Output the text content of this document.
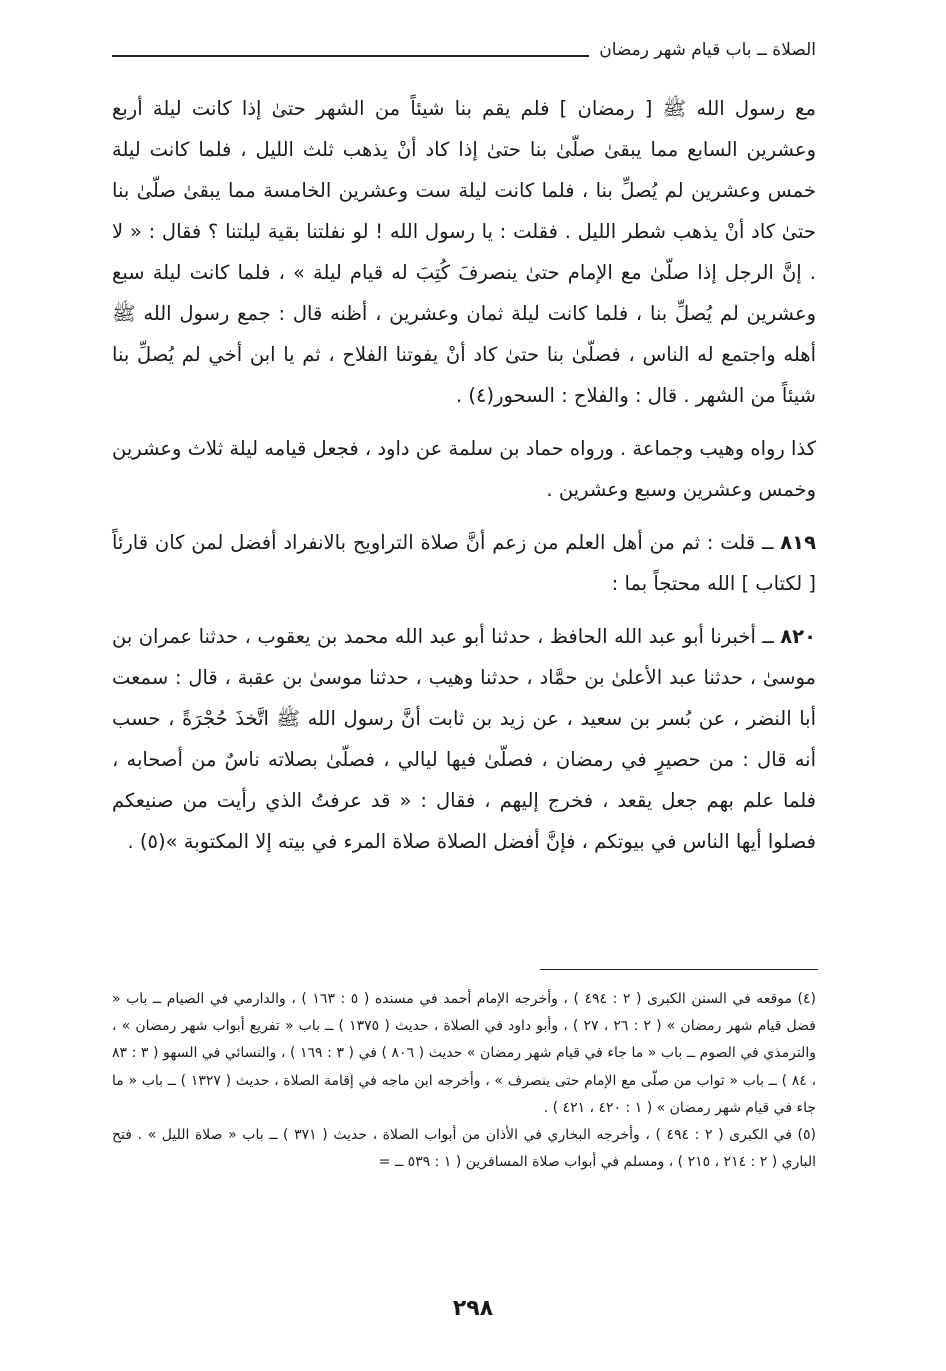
الصلاة ــ باب قيام شهر رمضان

مع رسول الله ﷺ [ رمضان ] فلم يقم بنا شيئاً من الشهر حتىٰ إذا كانت ليلة أربع وعشرين السابع مما يبقىٰ صلّىٰ بنا حتىٰ إذا كاد أنْ يذهب ثلث الليل ، فلما كانت ليلة خمس وعشرين لم يُصلِّ بنا ، فلما كانت ليلة ست وعشرين الخامسة مما يبقىٰ صلّىٰ بنا حتىٰ كاد أنْ يذهب شطر الليل . فقلت : يا رسول الله ! لو نفلتنا بقية ليلتنا ؟ فقال : « لا . إنَّ الرجل إذا صلّىٰ مع الإمام حتىٰ ينصرفَ كُتِبَ له قيام ليلة » ، فلما كانت ليلة سبع وعشرين لم يُصلِّ بنا ، فلما كانت ليلة ثمان وعشرين ، أظنه قال : جمع رسول الله ﷺ أهله واجتمع له الناس ، فصلّىٰ بنا حتىٰ كاد أنْ يفوتنا الفلاح ، ثم يا ابن أخي لم يُصلِّ بنا شيئاً من الشهر . قال : والفلاح : السحور(٤) .

كذا رواه وهيب وجماعة . ورواه حماد بن سلمة عن داود ، فجعل قيامه ليلة ثلاث وعشرين وخمس وعشرين وسبع وعشرين .

٨١٩ ــ قلت : ثم من أهل العلم من زعم أنَّ صلاة التراويح بالانفراد أفضل لمن كان قارئاً [ لكتاب ] الله محتجاً بما :

٨٢٠ ــ أخبرنا أبو عبد الله الحافظ ، حدثنا أبو عبد الله محمد بن يعقوب ، حدثنا عمران بن موسىٰ ، حدثنا عبد الأعلىٰ بن حمَّاد ، حدثنا وهيب ، حدثنا موسىٰ بن عقبة ، قال : سمعت أبا النضر ، عن بُسر بن سعيد ، عن زيد بن ثابت أنَّ رسول الله ﷺ اتَّخذَ حُجْرَةً ، حسب أنه قال : من حصيرٍ في رمضان ، فصلّىٰ فيها ليالي ، فصلّىٰ بصلاته ناسٌ من أصحابه ، فلما علم بهم جعل يقعد ، فخرج إليهم ، فقال : « قد عرفتُ الذي رأيت من صنيعكم فصلوا أيها الناس في بيوتكم ، فإنَّ أفضل الصلاة صلاة المرء في بيته إلا المكتوبة »(٥) .

(٤) موقعه في السنن الكبرى ( ٢ : ٤٩٤ ) ، وأخرجه الإمام أحمد في مسنده ( ٥ : ١٦٣ ) ، والدارمي في الصيام ــ باب « فضل قيام شهر رمضان » ( ٢ : ٢٦ ، ٢٧ ) ، وأبو داود في الصلاة ، حديث ( ١٣٧٥ ) ــ باب « تفريع أبواب شهر رمضان » ، والترمذي في الصوم ــ باب « ما جاء في قيام شهر رمضان » حديث ( ٨٠٦ ) في ( ٣ : ١٦٩ ) ، والنسائي في السهو ( ٣ : ٨٣ ، ٨٤ ) ــ باب « ثواب من صلّى مع الإمام حتى ينصرف » ، وأخرجه ابن ماجه في إقامة الصلاة ، حديث ( ١٣٢٧ ) ــ باب « ما جاء في قيام شهر رمضان » ( ١ : ٤٢٠ ، ٤٢١ ) .

(٥) في الكبرى ( ٢ : ٤٩٤ ) ، وأخرجه البخاري في الأذان من أبواب الصلاة ، حديث ( ٣٧١ ) ــ باب « صلاة الليل » . فتح الباري ( ٢ : ٢١٤ ، ٢١٥ ) ، ومسلم في أبواب صلاة المسافرين ( ١ : ٥٣٩ ــ =

٢٩٨
